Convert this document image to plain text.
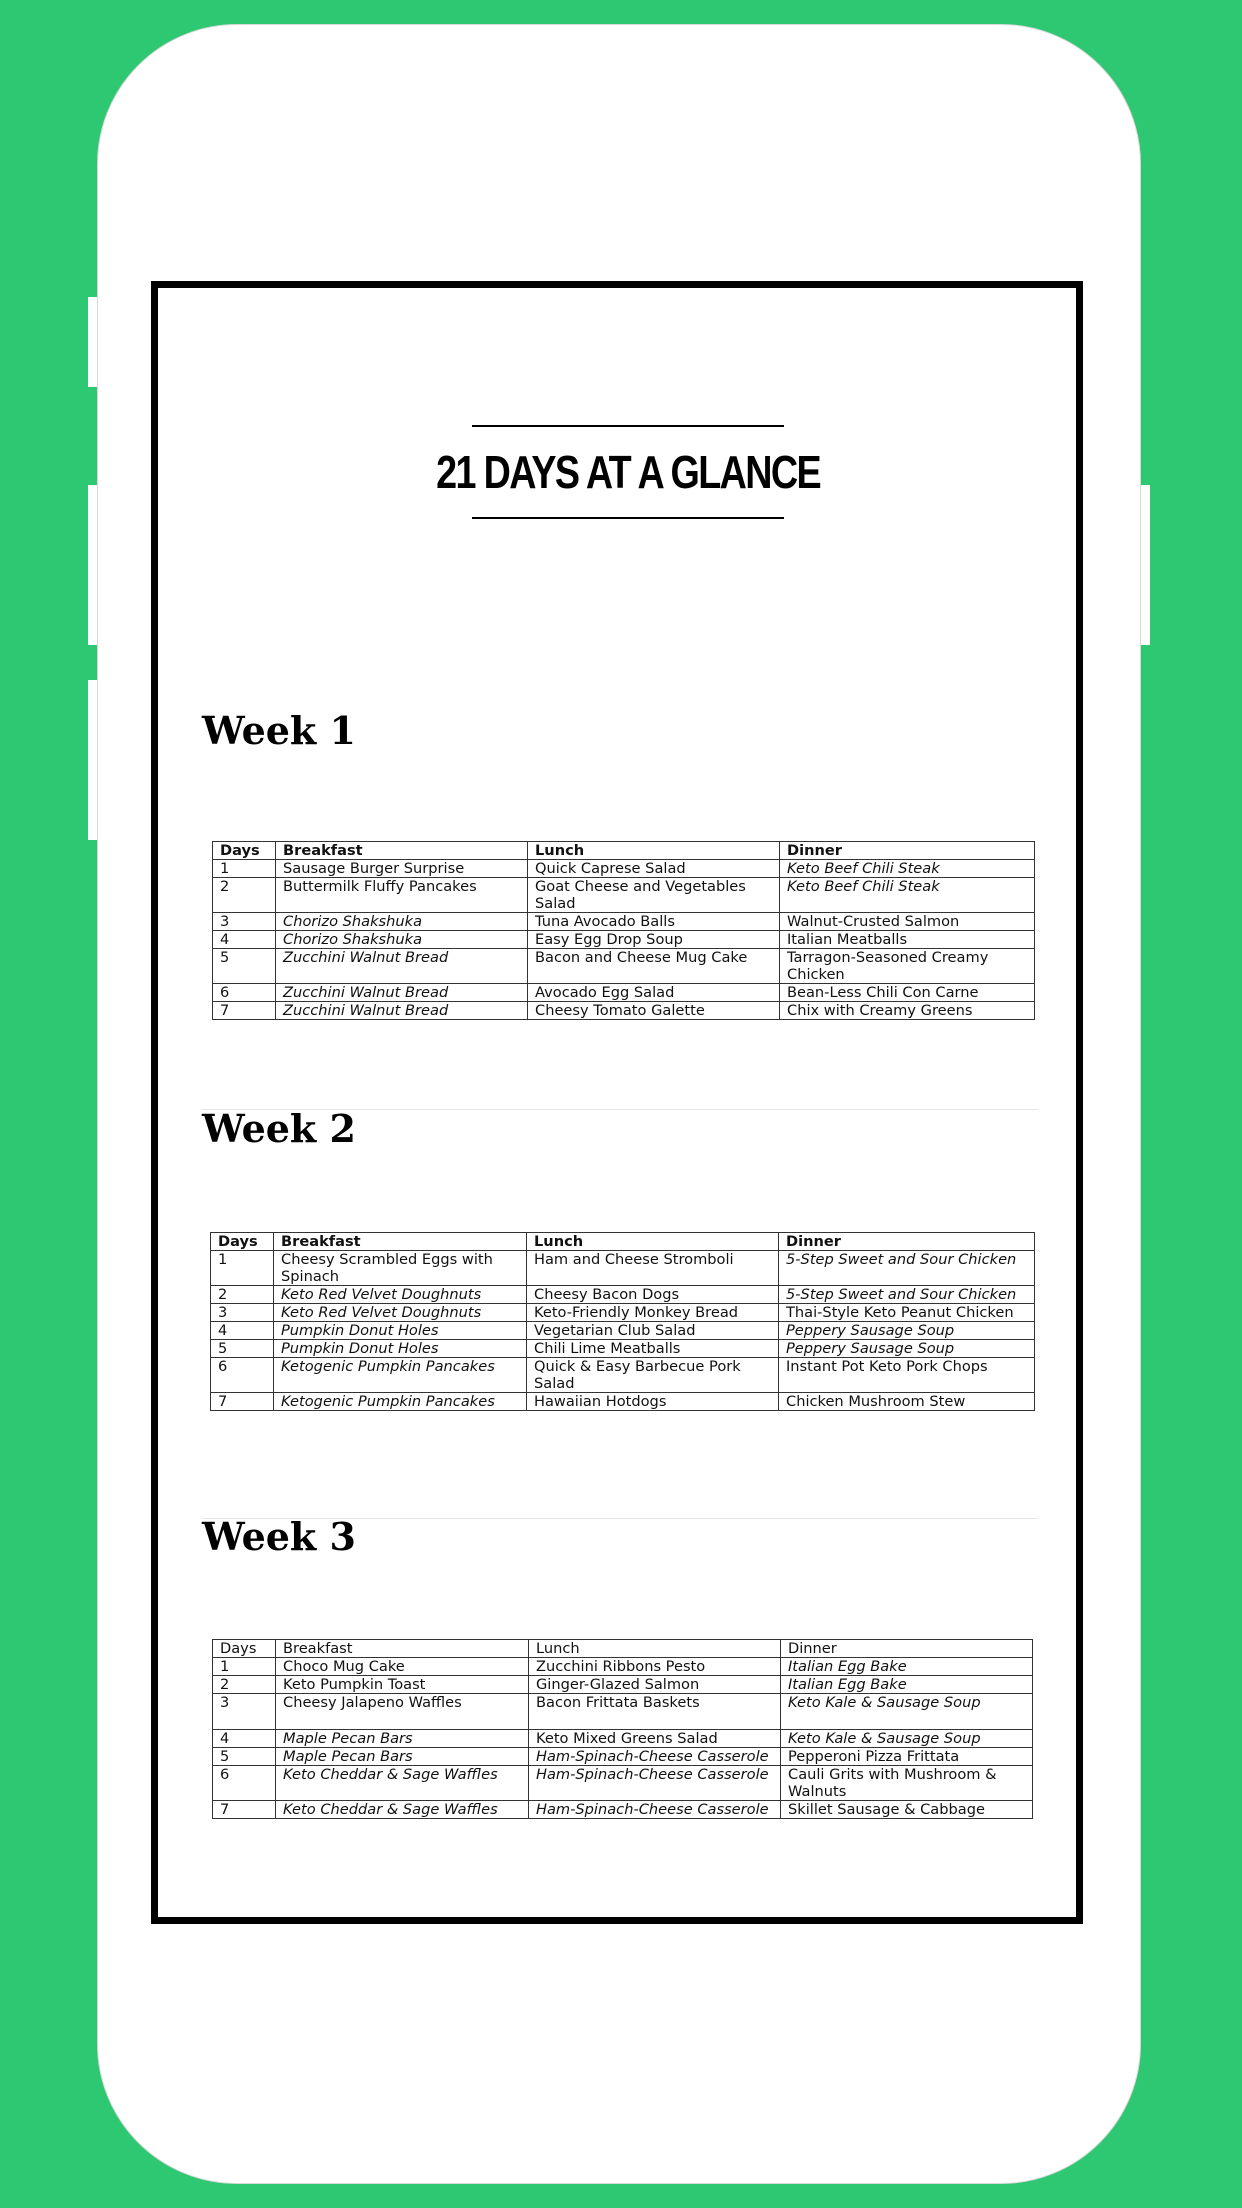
21 DAYS AT A GLANCE
Week 1
Days	Breakfast	Lunch	Dinner
1	Sausage Burger Surprise	Quick Caprese Salad	Keto Beef Chili Steak
2	Buttermilk Fluffy Pancakes	Goat Cheese and Vegetables Salad	Keto Beef Chili Steak
3	Chorizo Shakshuka	Tuna Avocado Balls	Walnut-Crusted Salmon
4	Chorizo Shakshuka	Easy Egg Drop Soup	Italian Meatballs
5	Zucchini Walnut Bread	Bacon and Cheese Mug Cake	Tarragon-Seasoned Creamy Chicken
6	Zucchini Walnut Bread	Avocado Egg Salad	Bean-Less Chili Con Carne
7	Zucchini Walnut Bread	Cheesy Tomato Galette	Chix with Creamy Greens
Week 2
Days	Breakfast	Lunch	Dinner
1	Cheesy Scrambled Eggs with Spinach	Ham and Cheese Stromboli	5-Step Sweet and Sour Chicken
2	Keto Red Velvet Doughnuts	Cheesy Bacon Dogs	5-Step Sweet and Sour Chicken
3	Keto Red Velvet Doughnuts	Keto-Friendly Monkey Bread	Thai-Style Keto Peanut Chicken
4	Pumpkin Donut Holes	Vegetarian Club Salad	Peppery Sausage Soup
5	Pumpkin Donut Holes	Chili Lime Meatballs	Peppery Sausage Soup
6	Ketogenic Pumpkin Pancakes	Quick & Easy Barbecue Pork Salad	Instant Pot Keto Pork Chops
7	Ketogenic Pumpkin Pancakes	Hawaiian Hotdogs	Chicken Mushroom Stew
Week 3
Days	Breakfast	Lunch	Dinner
1	Choco Mug Cake	Zucchini Ribbons Pesto	Italian Egg Bake
2	Keto Pumpkin Toast	Ginger-Glazed Salmon	Italian Egg Bake
3	Cheesy Jalapeno Waffles	Bacon Frittata Baskets	Keto Kale & Sausage Soup
4	Maple Pecan Bars	Keto Mixed Greens Salad	Keto Kale & Sausage Soup
5	Maple Pecan Bars	Ham-Spinach-Cheese Casserole	Pepperoni Pizza Frittata
6	Keto Cheddar & Sage Waffles	Ham-Spinach-Cheese Casserole	Cauli Grits with Mushroom & Walnuts
7	Keto Cheddar & Sage Waffles	Ham-Spinach-Cheese Casserole	Skillet Sausage & Cabbage
